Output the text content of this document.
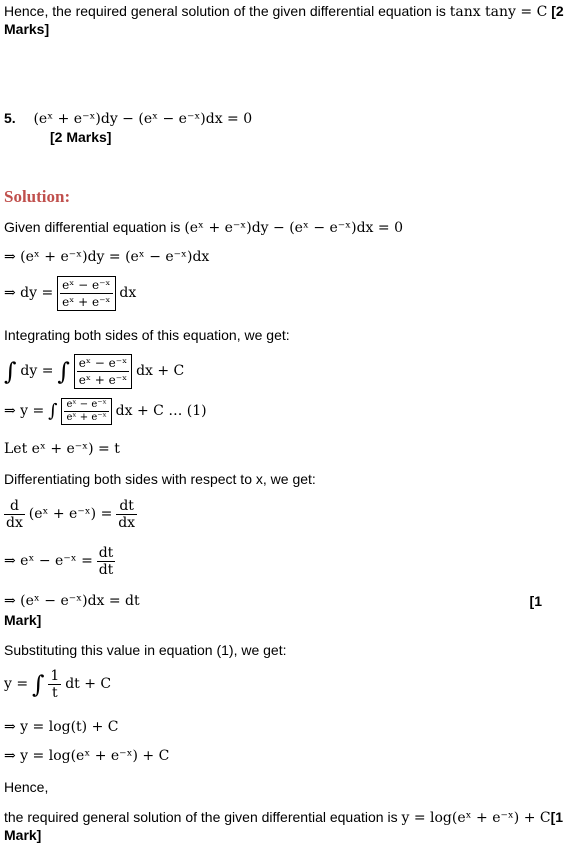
Hence, the required general solution of the given differential equation is tanx tany = C [2
Marks]
5. (eˣ + e⁻ˣ)dy − (eˣ − e⁻ˣ)dx = 0
[2 Marks]
Solution:
Given differential equation is (eˣ + e⁻ˣ)dy − (eˣ − e⁻ˣ)dx = 0
⇒ (eˣ + e⁻ˣ)dy = (eˣ − e⁻ˣ)dx
⇒ dy = $\frac{\text{eˣ − e⁻ˣ}}{\text{eˣ + e⁻ˣ}}$ dx
Integrating both sides of this equation, we get:
∫ dy = ∫ $\frac{\text{eˣ − e⁻ˣ}}{\text{eˣ + e⁻ˣ}}$ dx + C
⇒ y = ∫ $\frac{\text{eˣ − e⁻ˣ}}{\text{eˣ + e⁻ˣ}}$ dx + C … (1)
Let eˣ + e⁻ˣ) = t
Differentiating both sides with respect to x, we get:
$\frac{d}{dx}$ (eˣ + e⁻ˣ) = $\frac{dt}{dx}$
⇒ eˣ − e⁻ˣ = $\frac{dt}{dt}$
⇒ (eˣ − e⁻ˣ)dx = dt	[1
Mark]
Substituting this value in equation (1), we get:
y = ∫ $\frac{1}{t}$ dt + C
⇒ y = log(t) + C
⇒ y = log(eˣ + e⁻ˣ) + C
Hence,
the required general solution of the given differential equation is y = log(eˣ + e⁻ˣ) + C[1
Mark]
